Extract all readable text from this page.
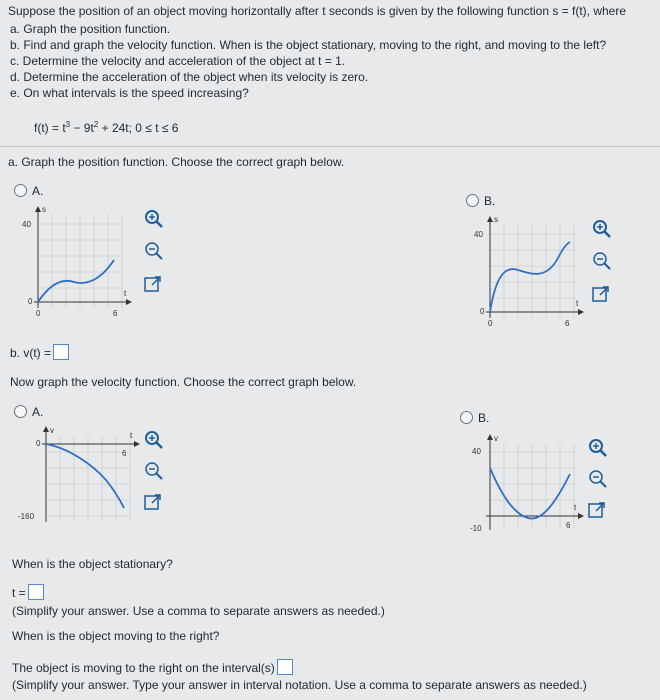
Suppose the position of an object moving horizontally after t seconds is given by the following function s = f(t), where
a. Graph the position function.
b. Find and graph the velocity function. When is the object stationary, moving to the right, and moving to the left?
c. Determine the velocity and acceleration of the object at t = 1.
d. Determine the acceleration of the object when its velocity is zero.
e. On what intervals is the speed increasing?
$f(t) = t^3 - 9t^2 + 24t$; 0 ≤ t ≤ 6
a. Graph the position function. Choose the correct graph below.
A.
B.
s
t
40
0
0	6
s
t
40
0
0	6
b. v(t) =
Now graph the velocity function. Choose the correct graph below.
A.	B.
v
t
0
-160
6
v
t
40
-10	6
When is the object stationary?
t =
(Simplify your answer. Use a comma to separate answers as needed.)
When is the object moving to the right?
The object is moving to the right on the interval(s)
(Simplify your answer. Type your answer in interval notation. Use a comma to separate answers as needed.)
